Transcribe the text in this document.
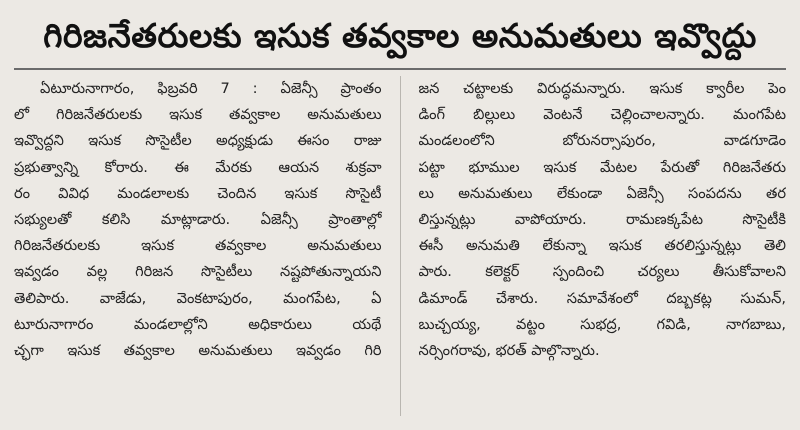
గిరిజనేతరులకు ఇసుక తవ్వకాల అనుమతులు ఇవ్వొద్దు
ఏటూరునాగారం, ఫిబ్రవరి 7 : ఏజెన్సీ ప్రాంతం
లో గిరిజనేతరులకు ఇసుక తవ్వకాల అనుమతులు
ఇవ్వొద్దని ఇసుక సొసైటీల అధ్యక్షుడు ఈసం రాజు
ప్రభుత్వాన్ని కోరారు. ఈ మేరకు ఆయన శుక్రవా
రం వివిధ మండలాలకు చెందిన ఇసుక సొసైటీ
సభ్యులతో కలిసి మాట్లాడారు. ఏజెన్సీ ప్రాంతాల్లో
గిరిజనేతరులకు ఇసుక తవ్వకాల అనుమతులు
ఇవ్వడం వల్ల గిరిజన సొసైటీలు నష్టపోతున్నాయని
తెలిపారు. వాజేడు, వెంకటాపురం, మంగపేట, ఏ
టూరునాగారం మండలాల్లోని అధికారులు యథే
చ్ఛగా ఇసుక తవ్వకాల అనుమతులు ఇవ్వడం గిరి
జన చట్టాలకు విరుద్ధమన్నారు. ఇసుక క్వారీల పెం
డింగ్ బిల్లులు వెంటనే చెల్లించాలన్నారు. మంగపేట
మండలంలోని బోరునర్సాపురం, వాడగూడెం
పట్టా భూముల ఇసుక మేటల పేరుతో గిరిజనేతరు
లు అనుమతులు లేకుండా ఏజెన్సీ సంపదను తర
లిస్తున్నట్లు వాపోయారు. రామణక్కపేట సొసైటీకి
ఈసీ అనుమతి లేకున్నా ఇసుక తరలిస్తున్నట్లు తెలి
పారు. కలెక్టర్ స్పందించి చర్యలు తీసుకోవాలని
డిమాండ్ చేశారు. సమావేశంలో దబ్బకట్ల సుమన్,
బుచ్చయ్య, వట్టం సుభద్ర, గవిడి, నాగబాబు,
నర్సింగరావు, భరత్ పాల్గొన్నారు.
